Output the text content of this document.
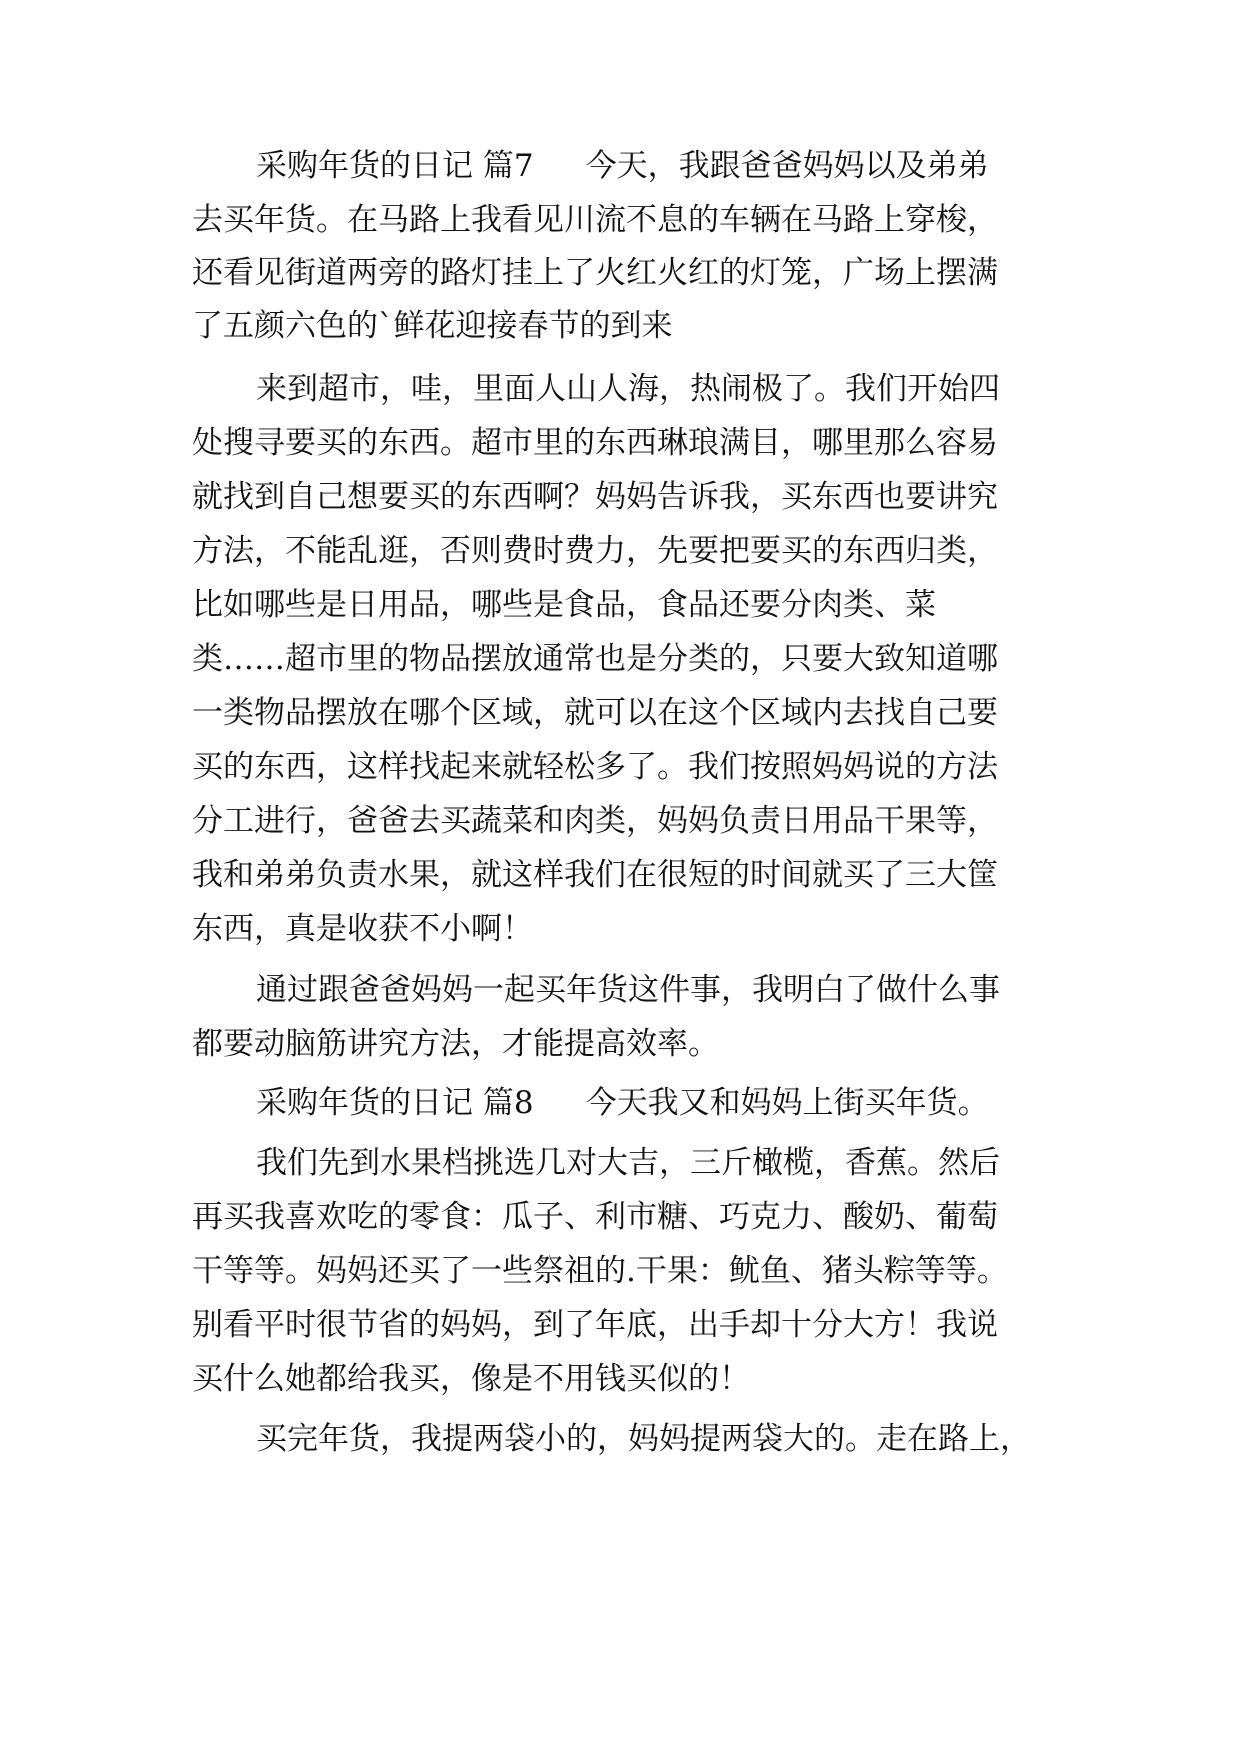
采购年货的日记 篇7 今天，我跟爸爸妈妈以及弟弟
去买年货。在马路上我看见川流不息的车辆在马路上穿梭，
还看见街道两旁的路灯挂上了火红火红的灯笼，广场上摆满
了五颜六色的`鲜花迎接春节的到来
来到超市，哇，里面人山人海，热闹极了。我们开始四
处搜寻要买的东西。超市里的东西琳琅满目，哪里那么容易
就找到自己想要买的东西啊？妈妈告诉我，买东西也要讲究
方法，不能乱逛，否则费时费力，先要把要买的东西归类，
比如哪些是日用品，哪些是食品，食品还要分肉类、菜
类……超市里的物品摆放通常也是分类的，只要大致知道哪
一类物品摆放在哪个区域，就可以在这个区域内去找自己要
买的东西，这样找起来就轻松多了。我们按照妈妈说的方法
分工进行，爸爸去买蔬菜和肉类，妈妈负责日用品干果等，
我和弟弟负责水果，就这样我们在很短的时间就买了三大筐
东西，真是收获不小啊！
通过跟爸爸妈妈一起买年货这件事，我明白了做什么事
都要动脑筋讲究方法，才能提高效率。
采购年货的日记 篇8 今天我又和妈妈上街买年货。
我们先到水果档挑选几对大吉，三斤橄榄，香蕉。然后
再买我喜欢吃的零食：瓜子、利市糖、巧克力、酸奶、葡萄
干等等。妈妈还买了一些祭祖的.干果：鱿鱼、猪头粽等等。
别看平时很节省的妈妈，到了年底，出手却十分大方！我说
买什么她都给我买，像是不用钱买似的！
买完年货，我提两袋小的，妈妈提两袋大的。走在路上，
